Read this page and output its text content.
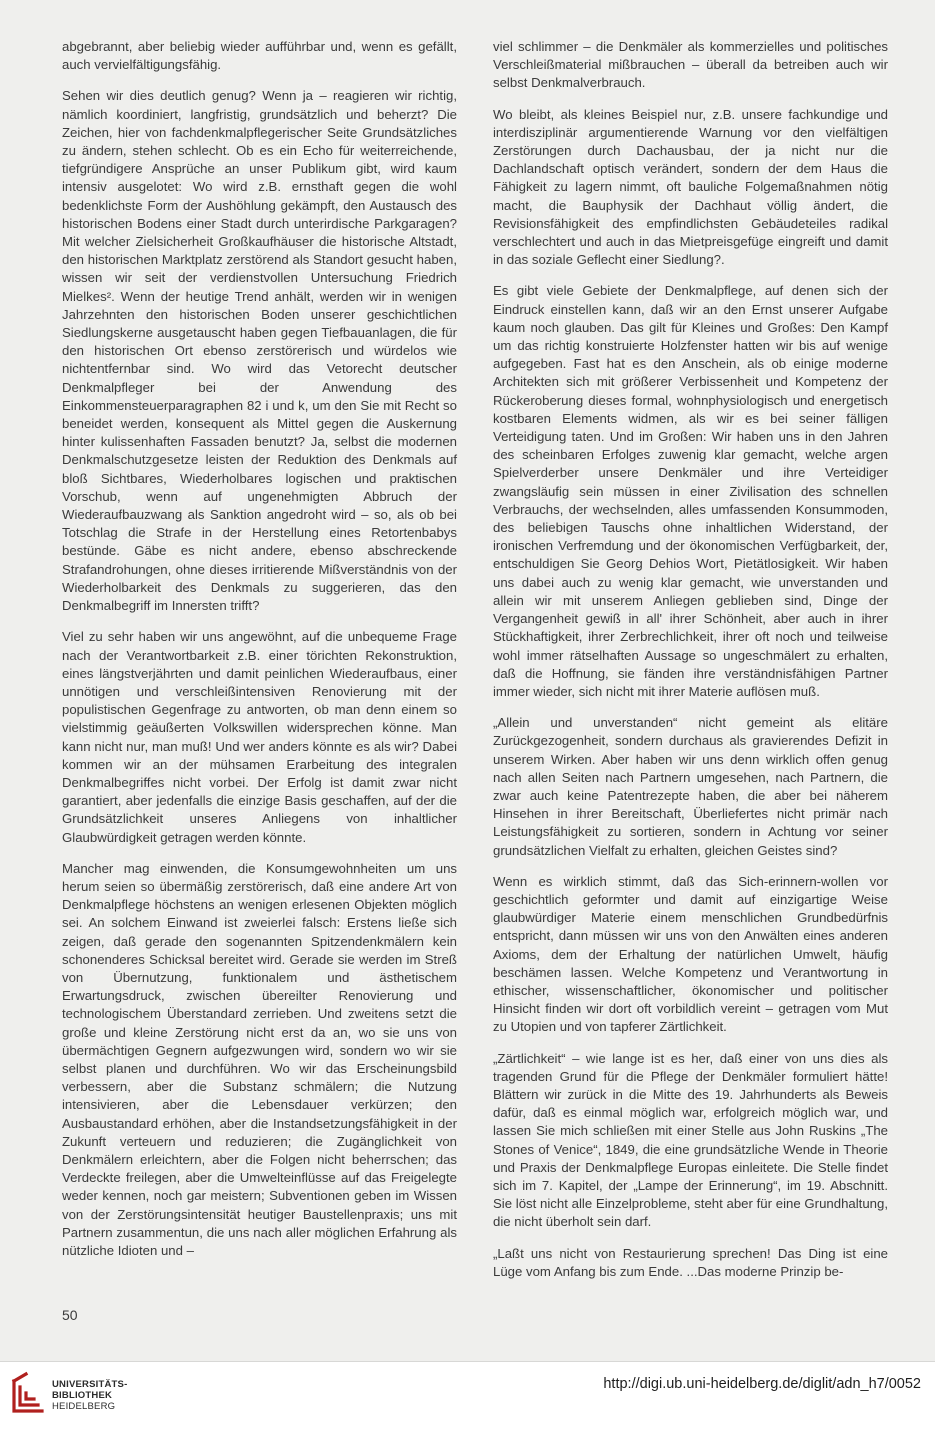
abgebrannt, aber beliebig wieder aufführbar und, wenn es gefällt, auch vervielfältigungsfähig.

Sehen wir dies deutlich genug? Wenn ja – reagieren wir richtig, nämlich koordiniert, langfristig, grundsätzlich und beherzt? Die Zeichen, hier von fachdenkmalpflegerischer Seite Grundsätzliches zu ändern, stehen schlecht. Ob es ein Echo für weiterreichende, tiefgründigere Ansprüche an unser Publikum gibt, wird kaum intensiv ausgelotet: Wo wird z.B. ernsthaft gegen die wohl bedenklichste Form der Aushöhlung gekämpft, den Austausch des historischen Bodens einer Stadt durch unterirdische Parkgaragen? Mit welcher Zielsicherheit Großkaufhäuser die historische Altstadt, den historischen Marktplatz zerstörend als Standort gesucht haben, wissen wir seit der verdienstvollen Untersuchung Friedrich Mielkes². Wenn der heutige Trend anhält, werden wir in wenigen Jahrzehnten den historischen Boden unserer geschichtlichen Siedlungskerne ausgetauscht haben gegen Tiefbauanlagen, die für den historischen Ort ebenso zerstörerisch und würdelos wie nichtentfernbar sind. Wo wird das Vetorecht deutscher Denkmalpfleger bei der Anwendung des Einkommensteuerparagraphen 82 i und k, um den Sie mit Recht so beneidet werden, konsequent als Mittel gegen die Auskernung hinter kulissenhaften Fassaden benutzt? Ja, selbst die modernen Denkmalschutzgesetze leisten der Reduktion des Denkmals auf bloß Sichtbares, Wiederholbares logischen und praktischen Vorschub, wenn auf ungenehmigten Abbruch der Wiederaufbauzwang als Sanktion angedroht wird – so, als ob bei Totschlag die Strafe in der Herstellung eines Retortenbabys bestünde. Gäbe es nicht andere, ebenso abschreckende Strafandrohungen, ohne dieses irritierende Mißverständnis von der Wiederholbarkeit des Denkmals zu suggerieren, das den Denkmalbegriff im Innersten trifft?

Viel zu sehr haben wir uns angewöhnt, auf die unbequeme Frage nach der Verantwortbarkeit z.B. einer törichten Rekonstruktion, eines längstverjährten und damit peinlichen Wiederaufbaus, einer unnötigen und verschleißintensiven Renovierung mit der populistischen Gegenfrage zu antworten, ob man denn einem so vielstimmig geäußerten Volkswillen widersprechen könne. Man kann nicht nur, man muß! Und wer anders könnte es als wir? Dabei kommen wir an der mühsamen Erarbeitung des integralen Denkmalbegriffes nicht vorbei. Der Erfolg ist damit zwar nicht garantiert, aber jedenfalls die einzige Basis geschaffen, auf der die Grundsätzlichkeit unseres Anliegens von inhaltlicher Glaubwürdigkeit getragen werden könnte.

Mancher mag einwenden, die Konsumgewohnheiten um uns herum seien so übermäßig zerstörerisch, daß eine andere Art von Denkmalpflege höchstens an wenigen erlesenen Objekten möglich sei. An solchem Einwand ist zweierlei falsch: Erstens ließe sich zeigen, daß gerade den sogenannten Spitzendenkmälern kein schonenderes Schicksal bereitet wird. Gerade sie werden im Streß von Übernutzung, funktionalem und ästhetischem Erwartungsdruck, zwischen übereilter Renovierung und technologischem Überstandard zerrieben. Und zweitens setzt die große und kleine Zerstörung nicht erst da an, wo sie uns von übermächtigen Gegnern aufgezwungen wird, sondern wo wir sie selbst planen und durchführen. Wo wir das Erscheinungsbild verbessern, aber die Substanz schmälern; die Nutzung intensivieren, aber die Lebensdauer verkürzen; den Ausbaustandard erhöhen, aber die Instandsetzungsfähigkeit in der Zukunft verteuern und reduzieren; die Zugänglichkeit von Denkmälern erleichtern, aber die Folgen nicht beherrschen; das Verdeckte freilegen, aber die Umwelteinflüsse auf das Freigelegte weder kennen, noch gar meistern; Subventionen geben im Wissen von der Zerstörungsintensität heutiger Baustellenpraxis; uns mit Partnern zusammentun, die uns nach aller möglichen Erfahrung als nützliche Idioten und –

viel schlimmer – die Denkmäler als kommerzielles und politisches Verschleißmaterial mißbrauchen – überall da betreiben auch wir selbst Denkmalverbrauch.

Wo bleibt, als kleines Beispiel nur, z.B. unsere fachkundige und interdisziplinär argumentierende Warnung vor den vielfältigen Zerstörungen durch Dachausbau, der ja nicht nur die Dachlandschaft optisch verändert, sondern der dem Haus die Fähigkeit zu lagern nimmt, oft bauliche Folgemaßnahmen nötig macht, die Bauphysik der Dachhaut völlig ändert, die Revisionsfähigkeit des empfindlichsten Gebäudeteiles radikal verschlechtert und auch in das Mietpreisgefüge eingreift und damit in das soziale Geflecht einer Siedlung?.

Es gibt viele Gebiete der Denkmalpflege, auf denen sich der Eindruck einstellen kann, daß wir an den Ernst unserer Aufgabe kaum noch glauben. Das gilt für Kleines und Großes: Den Kampf um das richtig konstruierte Holzfenster hatten wir bis auf wenige aufgegeben. Fast hat es den Anschein, als ob einige moderne Architekten sich mit größerer Verbissenheit und Kompetenz der Rückeroberung dieses formal, wohnphysiologisch und energetisch kostbaren Elements widmen, als wir es bei seiner fälligen Verteidigung taten. Und im Großen: Wir haben uns in den Jahren des scheinbaren Erfolges zuwenig klar gemacht, welche argen Spielverderber unsere Denkmäler und ihre Verteidiger zwangsläufig sein müssen in einer Zivilisation des schnellen Verbrauchs, der wechselnden, alles umfassenden Konsummoden, des beliebigen Tauschs ohne inhaltlichen Widerstand, der ironischen Verfremdung und der ökonomischen Verfügbarkeit, der, entschuldigen Sie Georg Dehios Wort, Pietätlosigkeit. Wir haben uns dabei auch zu wenig klar gemacht, wie unverstanden und allein wir mit unserem Anliegen geblieben sind, Dinge der Vergangenheit gewiß in all' ihrer Schönheit, aber auch in ihrer Stückhaftigkeit, ihrer Zerbrechlichkeit, ihrer oft noch und teilweise wohl immer rätselhaften Aussage so ungeschmälert zu erhalten, daß die Hoffnung, sie fänden ihre verständnisfähigen Partner immer wieder, sich nicht mit ihrer Materie auflösen muß.

„Allein und unverstanden“ nicht gemeint als elitäre Zurückgezogenheit, sondern durchaus als gravierendes Defizit in unserem Wirken. Aber haben wir uns denn wirklich offen genug nach allen Seiten nach Partnern umgesehen, nach Partnern, die zwar auch keine Patentrezepte haben, die aber bei näherem Hinsehen in ihrer Bereitschaft, Überliefertes nicht primär nach Leistungsfähigkeit zu sortieren, sondern in Achtung vor seiner grundsätzlichen Vielfalt zu erhalten, gleichen Geistes sind?

Wenn es wirklich stimmt, daß das Sich-erinnern-wollen vor geschichtlich geformter und damit auf einzigartige Weise glaubwürdiger Materie einem menschlichen Grundbedürfnis entspricht, dann müssen wir uns von den Anwälten eines anderen Axioms, dem der Erhaltung der natürlichen Umwelt, häufig beschämen lassen. Welche Kompetenz und Verantwortung in ethischer, wissenschaftlicher, ökonomischer und politischer Hinsicht finden wir dort oft vorbildlich vereint – getragen vom Mut zu Utopien und von tapferer Zärtlichkeit.

„Zärtlichkeit“ – wie lange ist es her, daß einer von uns dies als tragenden Grund für die Pflege der Denkmäler formuliert hätte! Blättern wir zurück in die Mitte des 19. Jahrhunderts als Beweis dafür, daß es einmal möglich war, erfolgreich möglich war, und lassen Sie mich schließen mit einer Stelle aus John Ruskins „The Stones of Venice“, 1849, die eine grundsätzliche Wende in Theorie und Praxis der Denkmalpflege Europas einleitete. Die Stelle findet sich im 7. Kapitel, der „Lampe der Erinnerung“, im 19. Abschnitt. Sie löst nicht alle Einzelprobleme, steht aber für eine Grundhaltung, die nicht überholt sein darf.

„Laßt uns nicht von Restaurierung sprechen! Das Ding ist eine Lüge vom Anfang bis zum Ende. ...Das moderne Prinzip be-

50
UNIVERSITÄTS-
BIBLIOTHEK
HEIDELBERG
http://digi.ub.uni-heidelberg.de/diglit/adn_h7/0052
